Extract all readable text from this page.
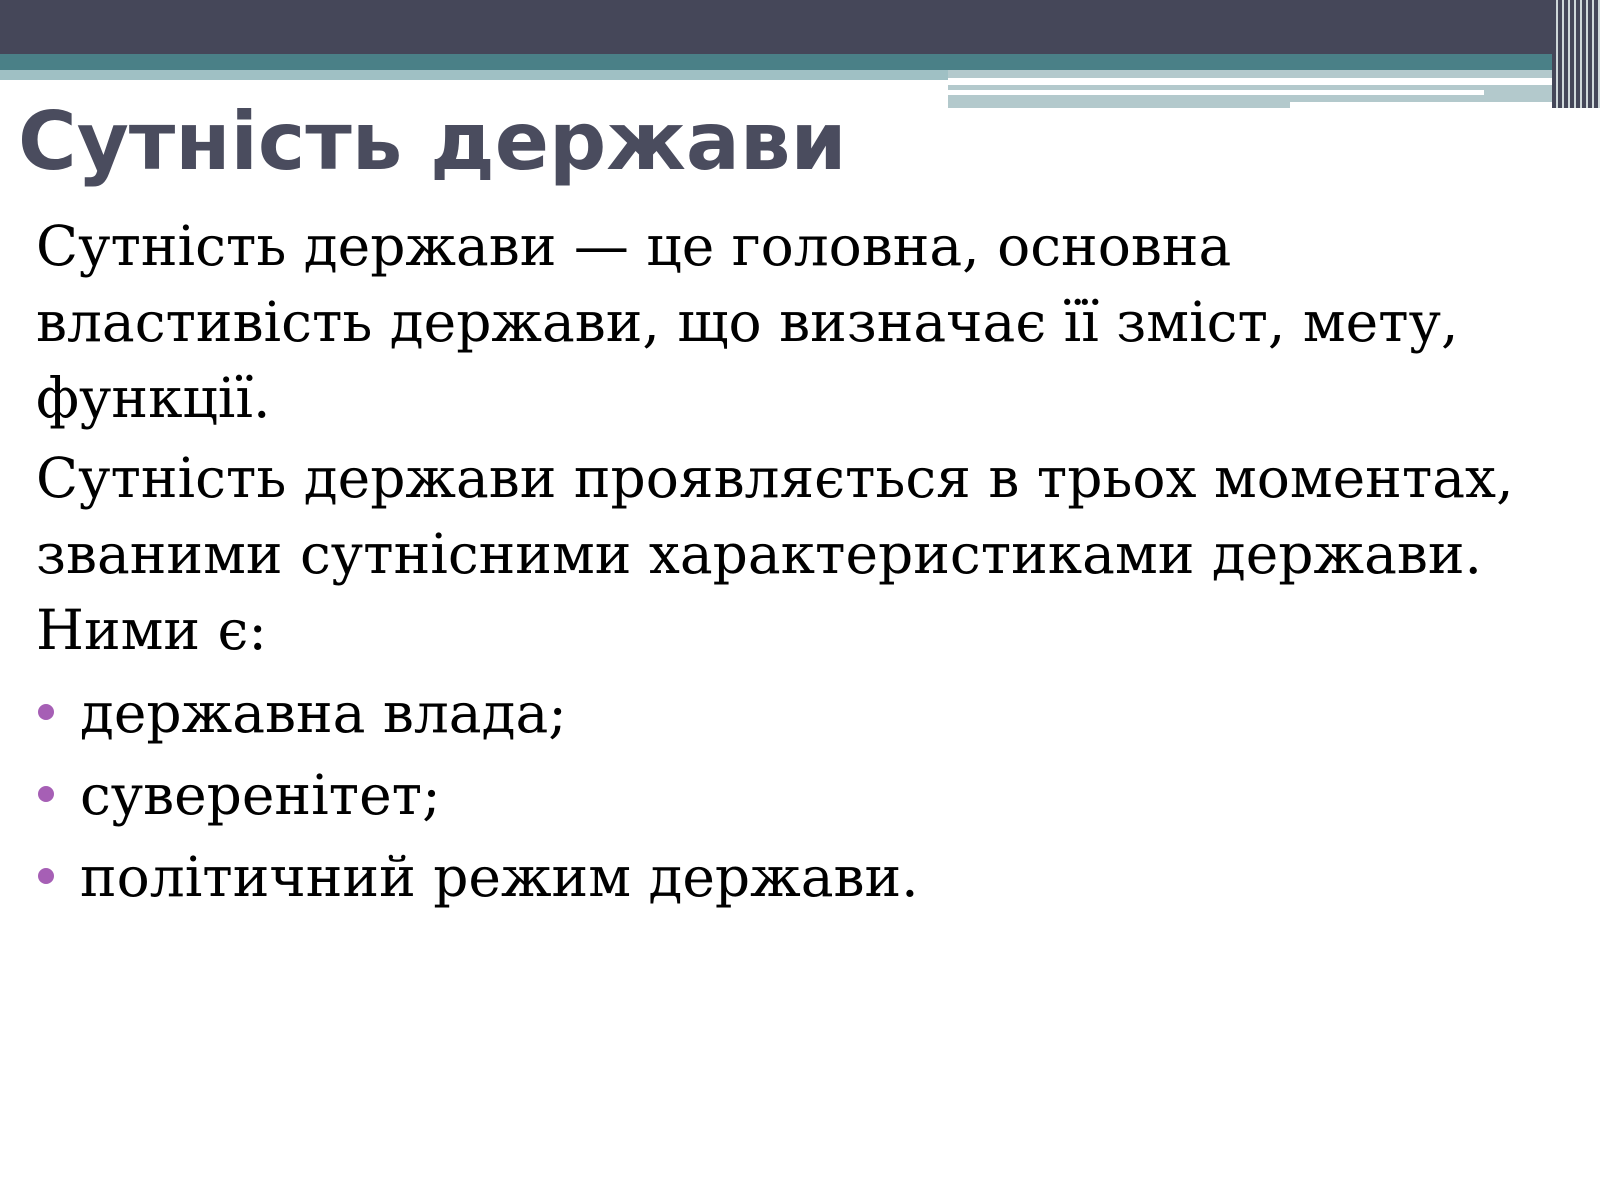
Сутність держави

Сутність держави — це головна, основна властивість держави, що визначає її зміст, мету, функції.

Сутність держави проявляється в трьох моментах, званими сутнісними характеристиками держави. Ними є:

державна влада;
суверенітет;
політичний режим держави.
